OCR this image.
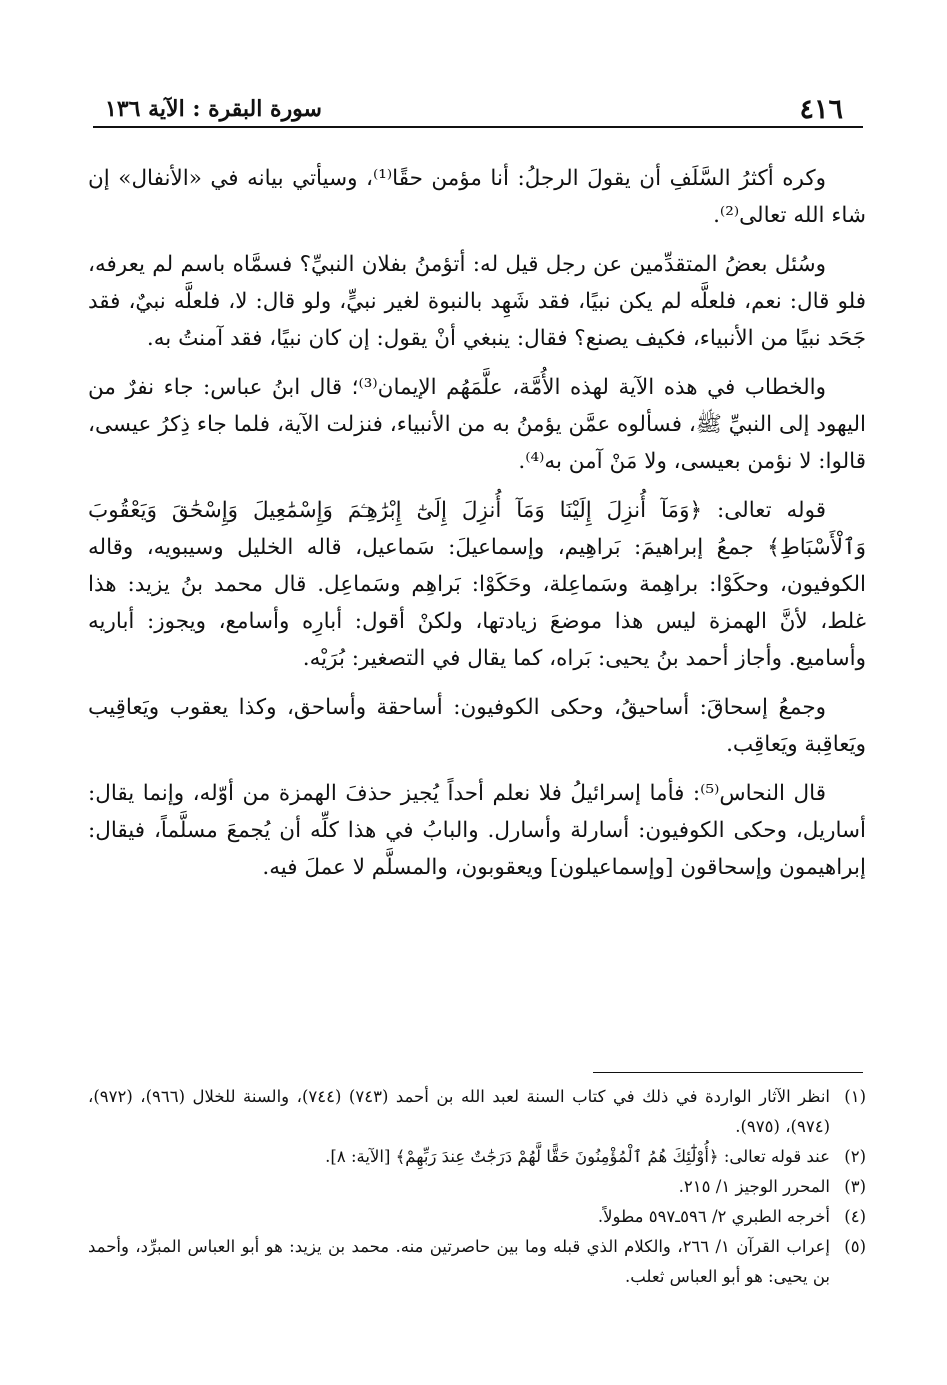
٤١٦
سورة البقرة : الآية ١٣٦

وكره أكثرُ السَّلَفِ أن يقولَ الرجلُ: أنا مؤمن حقًا⁽¹⁾، وسيأتي بيانه في «الأنفال» إن شاء الله تعالى⁽²⁾.

وسُئل بعضُ المتقدِّمين عن رجل قيل له: أتؤمنُ بفلان النبيِّ؟ فسمَّاه باسم لم يعرفه، فلو قال: نعم، فلعلَّه لم يكن نبيًا، فقد شَهِد بالنبوة لغير نبيٍّ، ولو قال: لا، فلعلَّه نبيٌ، فقد جَحَد نبيًا من الأنبياء، فكيف يصنع؟ فقال: ينبغي أنْ يقول: إن كان نبيًا، فقد آمنتُ به.

والخطاب في هذه الآية لهذه الأُمَّة، علَّمَهُم الإيمان⁽³⁾؛ قال ابنُ عباس: جاء نفرٌ من اليهود إلى النبيِّ ﷺ، فسألوه عمَّن يؤمنُ به من الأنبياء، فنزلت الآية، فلما جاء ذِكرُ عيسى، قالوا: لا نؤمن بعيسى، ولا مَنْ آمن به⁽⁴⁾.

قوله تعالى: ﴿وَمَآ أُنزِلَ إِلَيْنَا وَمَآ أُنزِلَ إِلَىٰٓ إِبْرَٰهِـۧمَ وَإِسْمَٰعِيلَ وَإِسْحَٰقَ وَيَعْقُوبَ وَٱلْأَسْبَاطِ﴾ جمعُ إبراهيمَ: بَراهِيم، وإسماعيلَ: سَماعيل، قاله الخليل وسيبويه، وقاله الكوفيون، وحكَوْا: براهِمة وسَماعِلة، وحَكَوْا: بَراهِم وسَماعِل. قال محمد بنُ يزيد: هذا غلط، لأنَّ الهمزة ليس هذا موضعَ زيادتها، ولكنْ أقول: أبارِه وأسامع، ويجوز: أباريه وأساميع. وأجاز أحمد بنُ يحيى: بَراه، كما يقال في التصغير: بُرَيْه.

وجمعُ إسحاقَ: أساحيقُ، وحكى الكوفيون: أساحقة وأساحق، وكذا يعقوب ويَعاقِيب ويَعاقِبة ويَعاقِب.

قال النحاس⁽⁵⁾: فأما إسرائيلُ فلا نعلم أحداً يُجيز حذفَ الهمزة من أوّله، وإنما يقال: أساريل، وحكى الكوفيون: أسارلة وأسارل. والبابُ في هذا كلِّه أن يُجمعَ مسلَّماً، فيقال: إبراهيمون وإسحاقون [وإسماعيلون] ويعقوبون، والمسلَّم لا عملَ فيه.

(١)
انظر الآثار الواردة في ذلك في كتاب السنة لعبد الله بن أحمد (٧٤٣) (٧٤٤)، والسنة للخلال (٩٦٦)، (٩٧٢)، (٩٧٤)، (٩٧٥).
(٢)
عند قوله تعالى: ﴿أُوْلَٰٓئِكَ هُمُ ٱلْمُؤْمِنُونَ حَقًّا لَّهُمْ دَرَجَٰتٌ عِندَ رَبِّهِمْ﴾ [الآية: ٨].
(٣)
المحرر الوجيز ١/ ٢١٥.
(٤)
أخرجه الطبري ٢/ ٥٩٦ـ٥٩٧ مطولاً.
(٥)
إعراب القرآن ١/ ٢٦٦، والكلام الذي قبله وما بين حاصرتين منه. محمد بن يزيد: هو أبو العباس المبرِّد، وأحمد بن يحيى: هو أبو العباس ثعلب.
